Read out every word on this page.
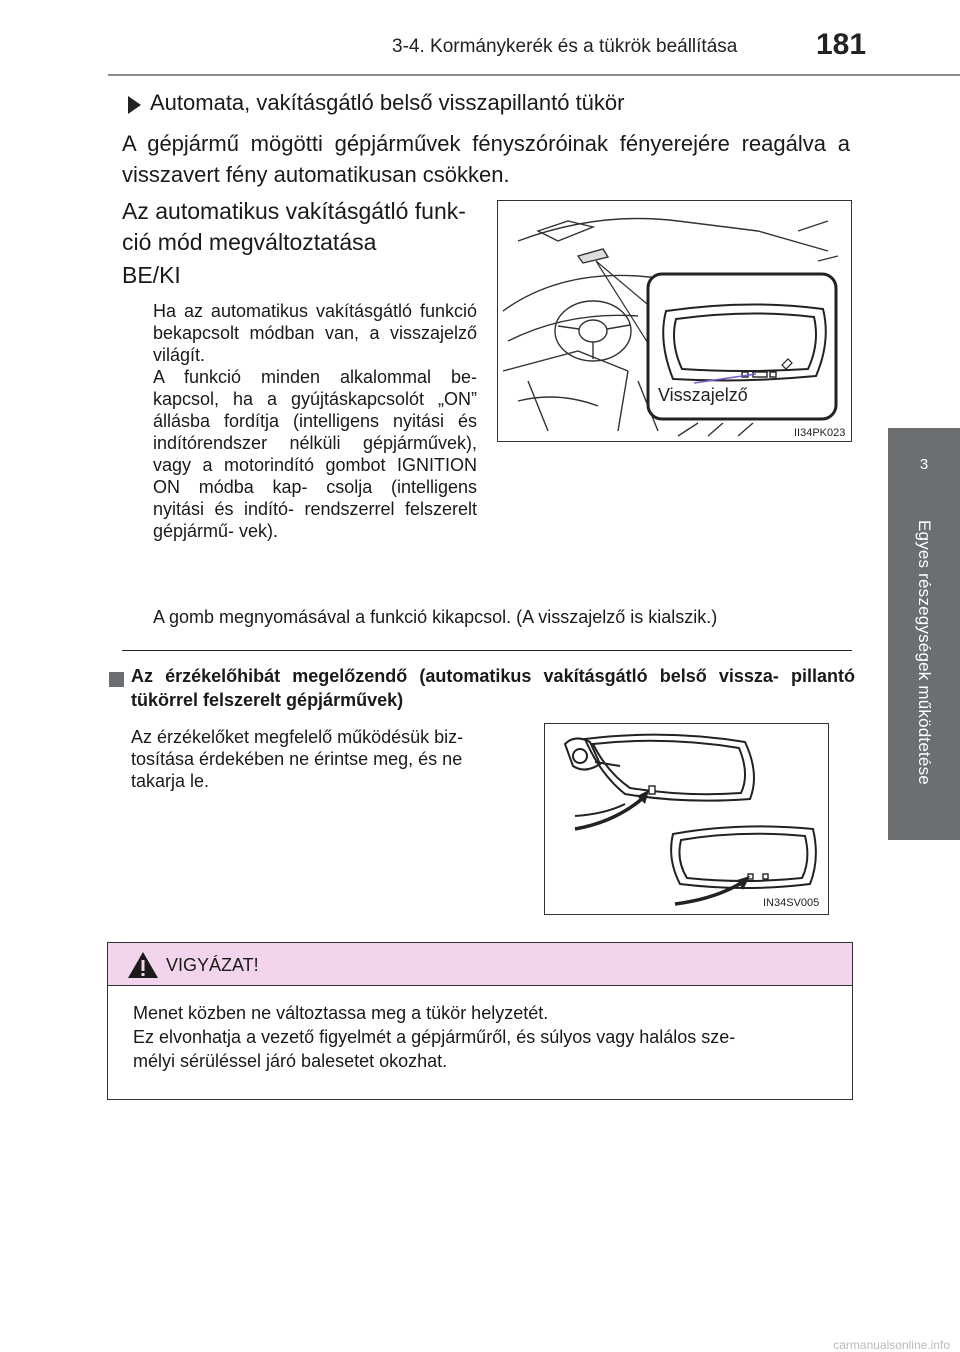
3-4. Kormánykerék és a tükrök beállítása	181
3
Egyes részegységek működtetése
Automata, vakításgátló belső visszapillantó tükör
A gépjármű mögötti gépjárművek fényszóróinak fényerejére reagálva a visszavert fény automatikusan csökken.
Az automatikus vakításgátló funk- ció mód megváltoztatása
BE/KI
Ha az automatikus vakításgátló funkció bekapcsolt módban van, a visszajelző világít.
A funkció minden alkalommal be- kapcsol, ha a gyújtáskapcsolót „ON” állásba fordítja (intelligens nyitási és indítórendszer nélküli gépjárművek), vagy a motorindító gombot IGNITION ON módba kap- csolja (intelligens nyitási és indító- rendszerrel felszerelt gépjármű- vek).
A gomb megnyomásával a funkció kikapcsol. (A visszajelző is kialszik.)
Visszajelző
II34PK023
Az érzékelőhibát megelőzendő (automatikus vakításgátló belső vissza- pillantó tükörrel felszerelt gépjárművek)
Az érzékelőket megfelelő működésük biz- tosítása érdekében ne érintse meg, és ne takarja le.
IN34SV005
VIGYÁZAT!
Menet közben ne változtassa meg a tükör helyzetét.
Ez elvonhatja a vezető figyelmét a gépjárműről, és súlyos vagy halálos sze-
mélyi sérüléssel járó balesetet okozhat.
carmanualsonline.info
